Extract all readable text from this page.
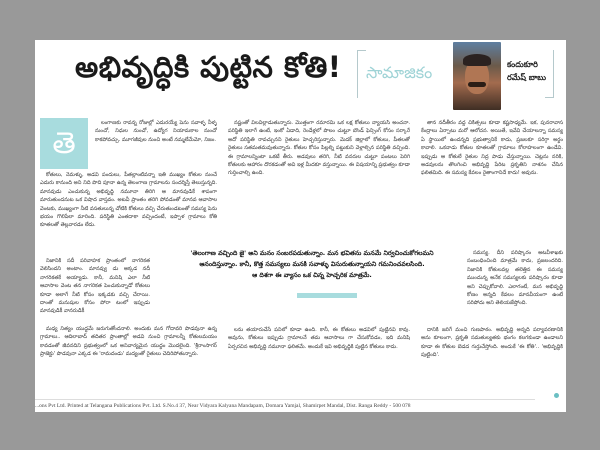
అభివృద్ధికి పుట్టిన కోతి! సామాజికం	కందుకూరి
రమేష్ బాబు
తె

లంగాణకు రావన్న రోజుల్లో ఎదురయ్యే పెను సవాళ్ళ నీళ్ళ నుంచో, నిధుల నుంచో, ఉద్యోగ నియామకాల నుంచో కాకపోవచ్చు. మూగజీవుల నుంచి అంటే నమ్మలేమేమో, నిజం.

కోతులు, నెమళ్ళు, అడవి పందులు, పీతల్లాంటివన్నా ఇతి ముఖ్యం కోతుల నుంచే ఎదురు కానుంది అని నిది పొది పూనా ఉన్న తెలంగాణ గ్రామాలను సందర్శిస్తే తెలుస్తున్నది. మానవుడు ఎంచుకున్న అభివృద్ధి నమూనా తిరిగి ఆ మానవుడికే శాపంగా మారుతుందనుట ఒక విషాద వాస్తవం. అటవీ ప్రాంతం తరిగి పోవడంతో మానవ ఆవాసాల వెంటకు, ముఖ్యంగా నీటి వసతులున్న చోటికి కోతులు వచ్చి చేరుతుండటంతో సమస్య పెను భయం గొలిపేలా మారింది. పరిస్థితి ఎంతదాకా వచ్చిందంటే, ఇప్పాళ గ్రామాలు కోతి కూతలతో తెల్లవారడం లేదు.

నిజానికి సదీ పరివాహక ప్రాంతంలో నాగరికత వెలిసిందని అంటాం. మానవ్వు డు అక్కడ నదీ నాగరికతకే అయ్యాడు. కానీ, మనిషి ఎలా నీటి ఆవాసాల వెంట తన నాగరికత పెంచుకున్నాడో కోతులు కూడా అలాగే నీటి కోసం ఇక్కడకు వచ్చి చేరాయి. దాంతో మనుషుల కోసం పోరా టంలో ఇప్పుడు మానవుడికీ వానరుడికీ

మధ్య నిత్యం యుద్ధమే జరుగుతోందనాలి. అందుకు మన గోదావరి పొడవునా ఉన్న గ్రామాలు.. ఆదిలాబాద్ తదితర ప్రాంతాల్లో అడవి నుంచి గ్రామాలన్నీ కోతులమయం కావడంతో జీవనదిని ప్రభుత్వంలో ఒక అనివార్యమైన యుద్ధం మొదలైంది. 'శ్రీరాంసాగర్ ప్రాజెక్టు' పొడవునా ఎక్కడ ఈ 'రామదండు' మద్యంతో రైతులు చెదిరిపోతున్నారు.

నష్టంతో విలవిల్లాడుతున్నారు. మొత్తంగా రమారమి ఒక లక్ష కోతులు న్యాయసి అంచనా. పరిస్థితి ఇలాగే ఉంటే, ఇంకో ఏడాది, రెండేళ్లలో పొలం చుట్టూ బౌండ్ ఫెన్సింగ్ కోసం సర్కారే అదో పరిస్థితి రావచ్చునని రైతులు హెచ్చరిస్తున్నారు. మెదక్ జిల్లాలో కోతులు, పీతలతో రైతులు సతమతమవుతున్నారు. కోతుల కోసం పిల్లల్ని పట్టుకుని వెళ్లాల్సిన పరిస్థితి వచ్చింది. ఈ గ్రామాలన్నింటా ఒకటే తీరు. అడవులు తరిగి, నీటి వనరుల చుట్టూ పంటలు పెరిగి కోతులకు ఆహారం దొరకడంతో అవి ఇళ్ల మీదకూ వస్తున్నాయి. ఈ విషయాన్ని ప్రభుత్వం కూడా గుర్తించాల్సి ఉంది.

లను తయారుచేసే పనిలో కూడా ఉంది. కానీ, ఈ కోతులు అడవిలో పుట్టినవి కావు. అవును, కోతులు ఇప్పుడు గ్రామాలనే తమ ఆవాసాలు గా చేసుకోవడం, ఇది మనిషి ఏర్పరచిన అభివృద్ధి నమూనా ఫలితమే. అందుకే ఇవి అభివృద్ధికి పుట్టిన కోతులు కాదు.

తాన నదీతీరం వద్ద చికిత్సలు కూడా కష్టసాధ్యమే. ఇక, పునరావాస కేంద్రాలు ఏర్పాటు మరో ఆలోచన. అయితే, ఇవేవి చేయాలన్నా సమస్య ఏ స్థాయిలో ఉందన్నది ప్రభుత్వానికే కాదు, ప్రజలకూ సరిగ్గా అర్థం కావాలి. ఒకనాడు కోతుల కూతలతో గ్రామాలు కోలాహలంగా ఉండేవి. ఇప్పుడు ఆ కోతులే రైతుల నిద్ర పాడు చేస్తున్నాయి. చెట్లను నరికి, అడవులను తొలగించి అభివృద్ధి పేరిట ప్రకృతిని నాశనం చేసిన ఫలితమిది. ఈ సమస్య కేవలం రైతాంగానిదే కాదు! అవును.

సమస్య. దీని పరిష్కారం అటవీశాఖకు సంబంధించింది మాత్రమే కాదు, ప్రజలందరిది. నిజానికి కోతులవల్ల తలెత్తిన ఈ సమస్య ముందున్న అనేక సమస్యలకు పరిష్కారం కూడా అని చెప్పుకోవాలి. ఎలాగంటే, మన అభివృద్ధి కోణం అన్నది కేవలం మానవీయంగా ఉంటే సరిపోదు అని తెలియజేస్తోంది.

దానికి జరిగే మంచి గుణపాఠం. అభివృద్ధి అన్నది పర్యావరణానికి అను కూలంగా, ప్రకృతి సమతుల్యతకు భంగం కలగకుండా ఉండాలని కూడా ఈ కోతుల బెడద గుర్తుచేస్తోంది. అందుకే 'ఈ కోతి'.. 'అభివృద్ధికి పుట్టింది'.

'తెలంగాణ వచ్చింది జై' అని మనం సంబరపడుతున్నాం. మన భవితను మనమే నిర్వచించుకోగలమని
ఆనందిస్తున్నాం. కానీ, కొత్త సమస్యలు మనకి సవాళ్ళు విసురుతున్నాయని గమనించవలసింది.
ఆ దిశగా ఈ వ్యాసం ఒక చిన్న హెచ్చరిక మాత్రమే.
...ons Pvt Ltd. Printed at Telangana Publications Pvt. Ltd. S.No.4 37, Near Vidyara Kalyana Mandapam, Domara Yamjal, Shamirpet Mandal, Dist. Ranga Reddy - 500 078
